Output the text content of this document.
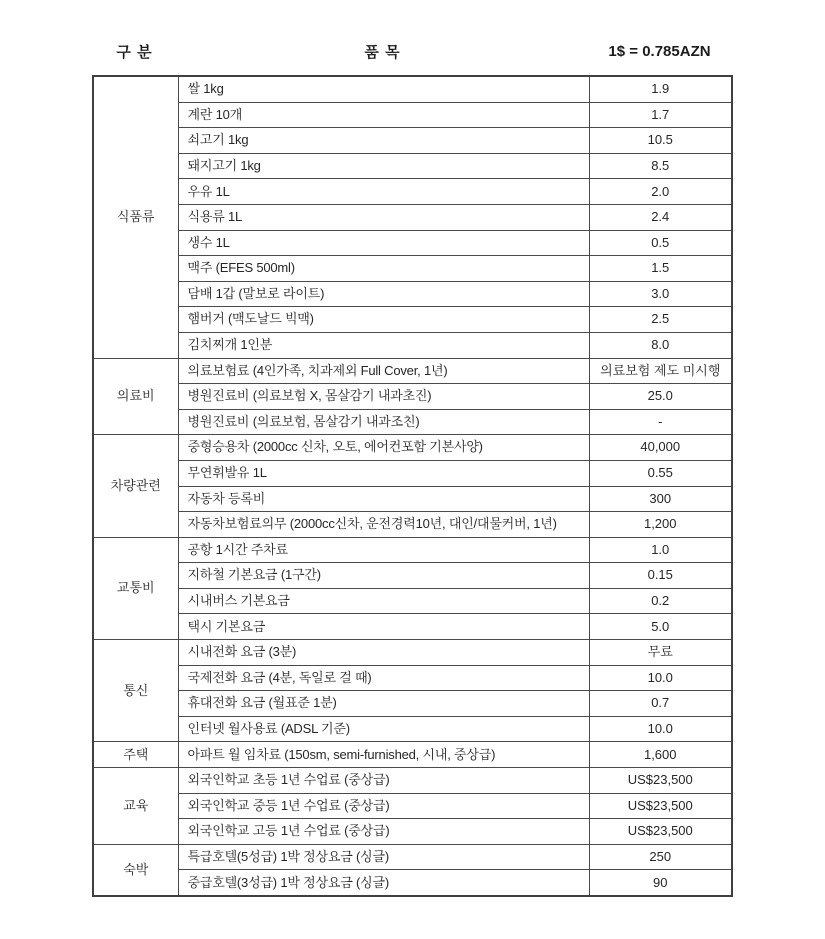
구 분	품 목	1$ = 0.785AZN
식품류	쌀 1kg	1.9
	계란 10개	1.7
	쇠고기 1kg	10.5
	돼지고기 1kg	8.5
	우유 1L	2.0
	식용류 1L	2.4
	생수 1L	0.5
	맥주 (EFES 500ml)	1.5
	담배 1갑 (말보로 라이트)	3.0
	햄버거 (맥도날드 빅맥)	2.5
	김치찌개 1인분	8.0
의료비	의료보험료 (4인가족, 치과제외 Full Cover, 1년)	의료보험 제도 미시행
	병원진료비 (의료보험 X, 몸살감기 내과초진)	25.0
	병원진료비 (의료보험, 몸살감기 내과조친)	-
차량관련	중형승용차 (2000cc 신차, 오토, 에어컨포함 기본사양)	40,000
	무연휘발유 1L	0.55
	자동차 등록비	300
	자동차보험료의무 (2000cc신차, 운전경력10년, 대인/대물커버, 1년)	1,200
교통비	공항 1시간 주차료	1.0
	지하철 기본요금 (1구간)	0.15
	시내버스 기본요금	0.2
	택시 기본요금	5.0
통신	시내전화 요금 (3분)	무료
	국제전화 요금 (4분, 독일로 걸 때)	10.0
	휴대전화 요금 (월표준 1분)	0.7
	인터넷 월사용료 (ADSL 기준)	10.0
주택	아파트 월 임차료 (150sm, semi-furnished, 시내, 중상급)	1,600
교육	외국인학교 초등 1년 수업료 (중상급)	US$23,500
	외국인학교 중등 1년 수업료 (중상급)	US$23,500
	외국인학교 고등 1년 수업료 (중상급)	US$23,500
숙박	특급호텔(5성급) 1박 정상요금 (싱글)	250
	중급호텔(3성급) 1박 정상요금 (싱글)	90
